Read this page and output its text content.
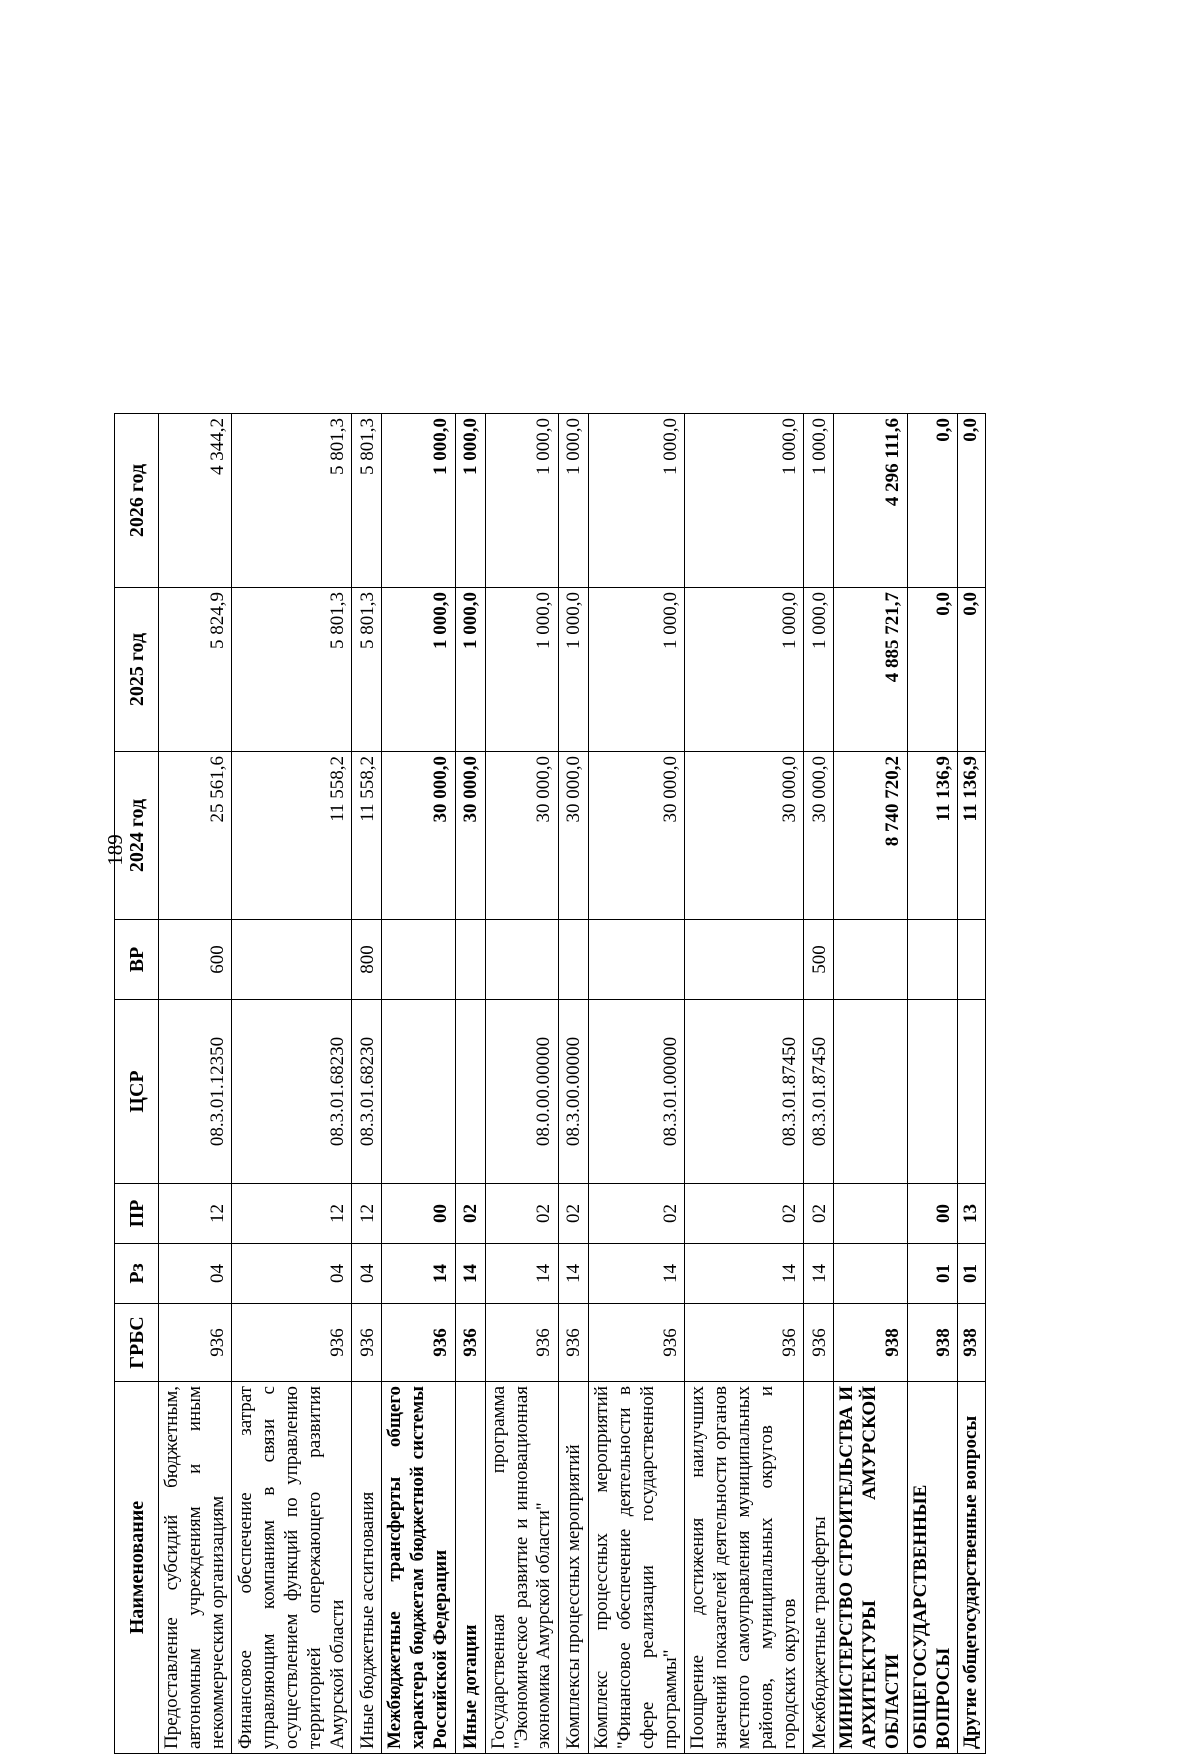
189
Наименование	ГРБС	Рз	ПР	ЦСР	ВР	2024 год	2025 год	2026 год
Предоставление субсидий бюджетным, автономным учреждениям и иным некоммерческим организациям	936	04	12	08.3.01.12350	600	25 561,6	5 824,9	4 344,2
Финансовое обеспечение затрат управляющим компаниям в связи с осуществлением функций по управлению территорией опережающего развития Амурской области	936	04	12	08.3.01.68230		11 558,2	5 801,3	5 801,3
Иные бюджетные ассигнования	936	04	12	08.3.01.68230	800	11 558,2	5 801,3	5 801,3
Межбюджетные трансферты общего характера бюджетам бюджетной системы Российской Федерации	936	14	00			30 000,0	1 000,0	1 000,0
Иные дотации	936	14	02			30 000,0	1 000,0	1 000,0
Государственная программа "Экономическое развитие и инновационная экономика Амурской области"	936	14	02	08.0.00.00000		30 000,0	1 000,0	1 000,0
Комплексы процессных мероприятий	936	14	02	08.3.00.00000		30 000,0	1 000,0	1 000,0
Комплекс процессных мероприятий "Финансовое обеспечение деятельности в сфере реализации государственной программы"	936	14	02	08.3.01.00000		30 000,0	1 000,0	1 000,0
Поощрение достижения наилучших значений показателей деятельности органов местного самоуправления муниципальных районов, муниципальных округов и городских округов	936	14	02	08.3.01.87450		30 000,0	1 000,0	1 000,0
Межбюджетные трансферты	936	14	02	08.3.01.87450	500	30 000,0	1 000,0	1 000,0
МИНИСТЕРСТВО СТРОИТЕЛЬСТВА И АРХИТЕКТУРЫ АМУРСКОЙ ОБЛАСТИ	938					8 740 720,2	4 885 721,7	4 296 111,6
ОБЩЕГОСУДАРСТВЕННЫЕ ВОПРОСЫ	938	01	00			11 136,9	0,0	0,0
Другие общегосударственные вопросы	938	01	13			11 136,9	0,0	0,0
